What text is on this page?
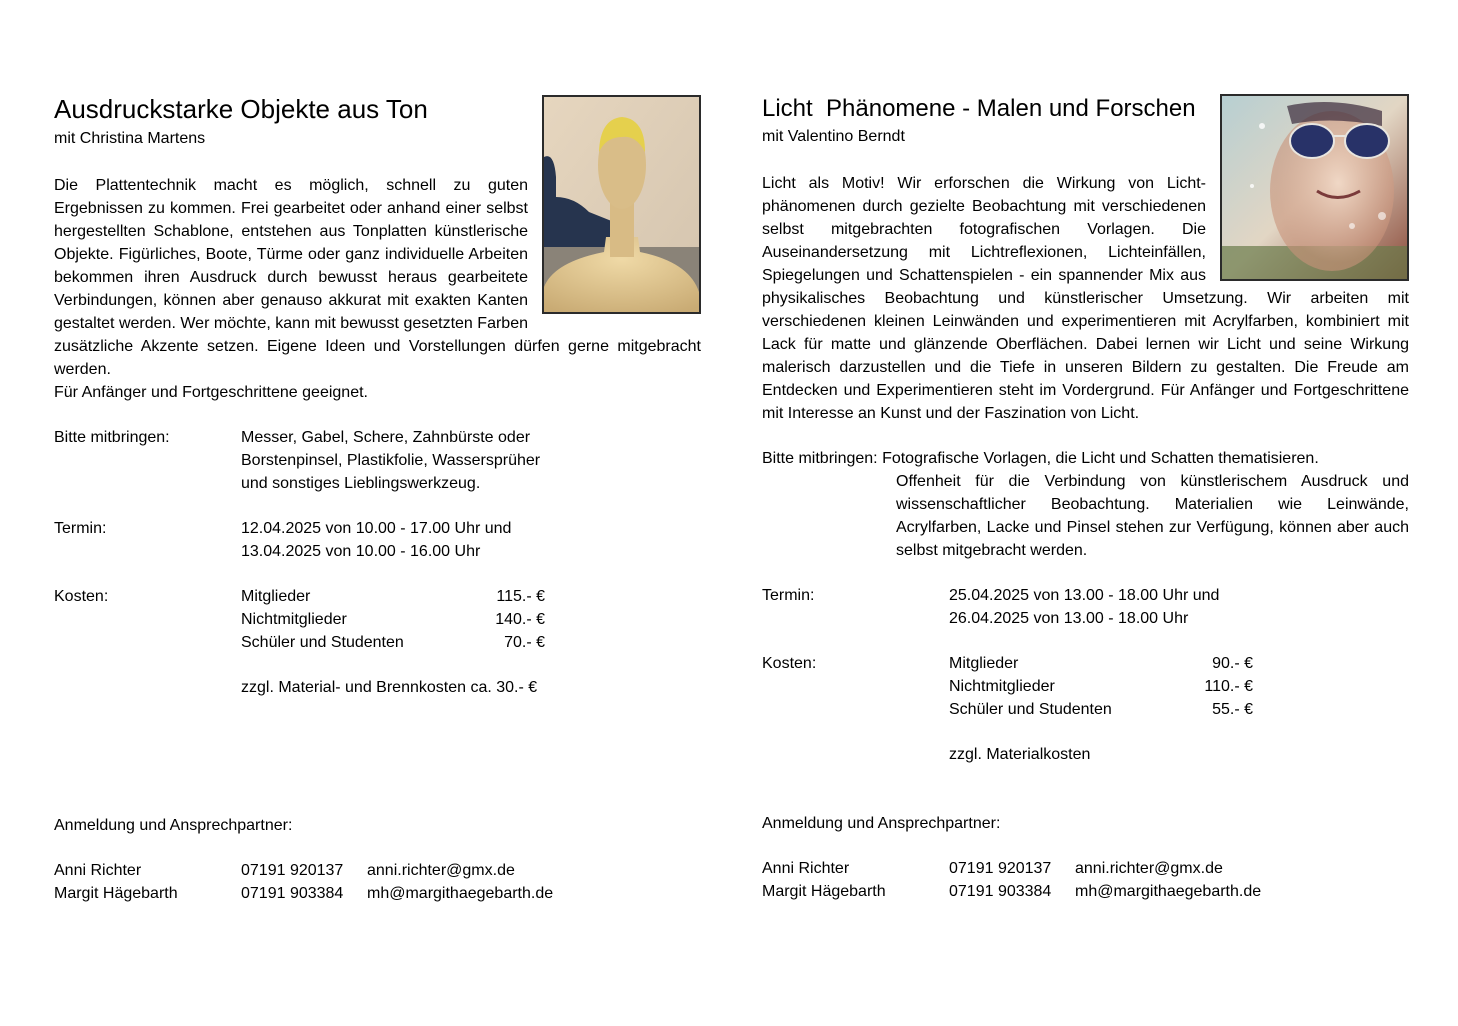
Ausdruckstarke Objekte aus Ton
mit Christina Martens

Die Plattentechnik macht es möglich, schnell zu guten Ergebnissen zu kommen. Frei gearbeitet oder anhand einer selbst hergestellten Schablone, entstehen aus Tonplatten künstlerische Objekte. Figürliches, Boote, Türme oder ganz individuelle Arbeiten bekommen ihren Ausdruck durch bewusst heraus gearbeitete Verbindungen, können aber genauso akkurat mit exakten Kanten gestaltet werden. Wer möchte, kann mit bewusst gesetzten Farben zusätzliche Akzente setzen. Eigene Ideen und Vorstellungen dürfen gerne mitgebracht werden.

Für Anfänger und Fortgeschrittene geeignet.

Bitte mitbringen:	Messer, Gabel, Schere, Zahnbürste oder
Borstenpinsel, Plastikfolie, Wassersprüher
und sonstiges Lieblingswerkzeug.
Termin:	12.04.2025 von 10.00 - 17.00 Uhr und
13.04.2025 von 10.00 - 16.00 Uhr
Kosten:	Mitglieder	115.- €
Nichtmitglieder	140.- €
Schüler und Studenten	70.- €
zzgl. Material- und Brennkosten ca. 30.- €
Anmeldung und Ansprechpartner:
Anni Richter	07191 920137	anni.richter@gmx.de
Margit Hägebarth	07191 903384	mh@margithaegebarth.de
Licht  Phänomene - Malen und Forschen
mit Valentino Berndt

Licht als Motiv! Wir erforschen die Wirkung von Licht-phänomenen durch gezielte Beobachtung mit verschiedenen selbst mitgebrachten fotografischen Vorlagen. Die Auseinandersetzung mit Lichtreflexionen, Lichteinfällen, Spiegelungen und Schattenspielen - ein spannender Mix aus physikalisches Beobachtung und künstlerischer Umsetzung. Wir arbeiten mit verschiedenen kleinen Leinwänden und experimentieren mit Acrylfarben, kombiniert mit Lack für matte und glänzende Oberflächen. Dabei lernen wir Licht und seine Wirkung malerisch darzustellen und die Tiefe in unseren Bildern zu gestalten. Die Freude am Entdecken und Experimentieren steht im Vordergrund. Für Anfänger und Fortgeschrittene mit Interesse an Kunst und der Faszination von Licht.

Bitte mitbringen: Fotografische Vorlagen, die Licht und Schatten thematisieren.
Offenheit für die Verbindung von künstlerischem Ausdruck und wissenschaftlicher Beobachtung. Materialien wie Leinwände, Acrylfarben, Lacke und Pinsel stehen zur Verfügung, können aber auch selbst mitgebracht werden.
Termin:	25.04.2025 von 13.00 - 18.00 Uhr und
26.04.2025 von 13.00 - 18.00 Uhr
Kosten:	Mitglieder	90.- €
Nichtmitglieder	110.- €
Schüler und Studenten	55.- €
zzgl. Materialkosten
Anmeldung und Ansprechpartner:
Anni Richter	07191 920137	anni.richter@gmx.de
Margit Hägebarth	07191 903384	mh@margithaegebarth.de
